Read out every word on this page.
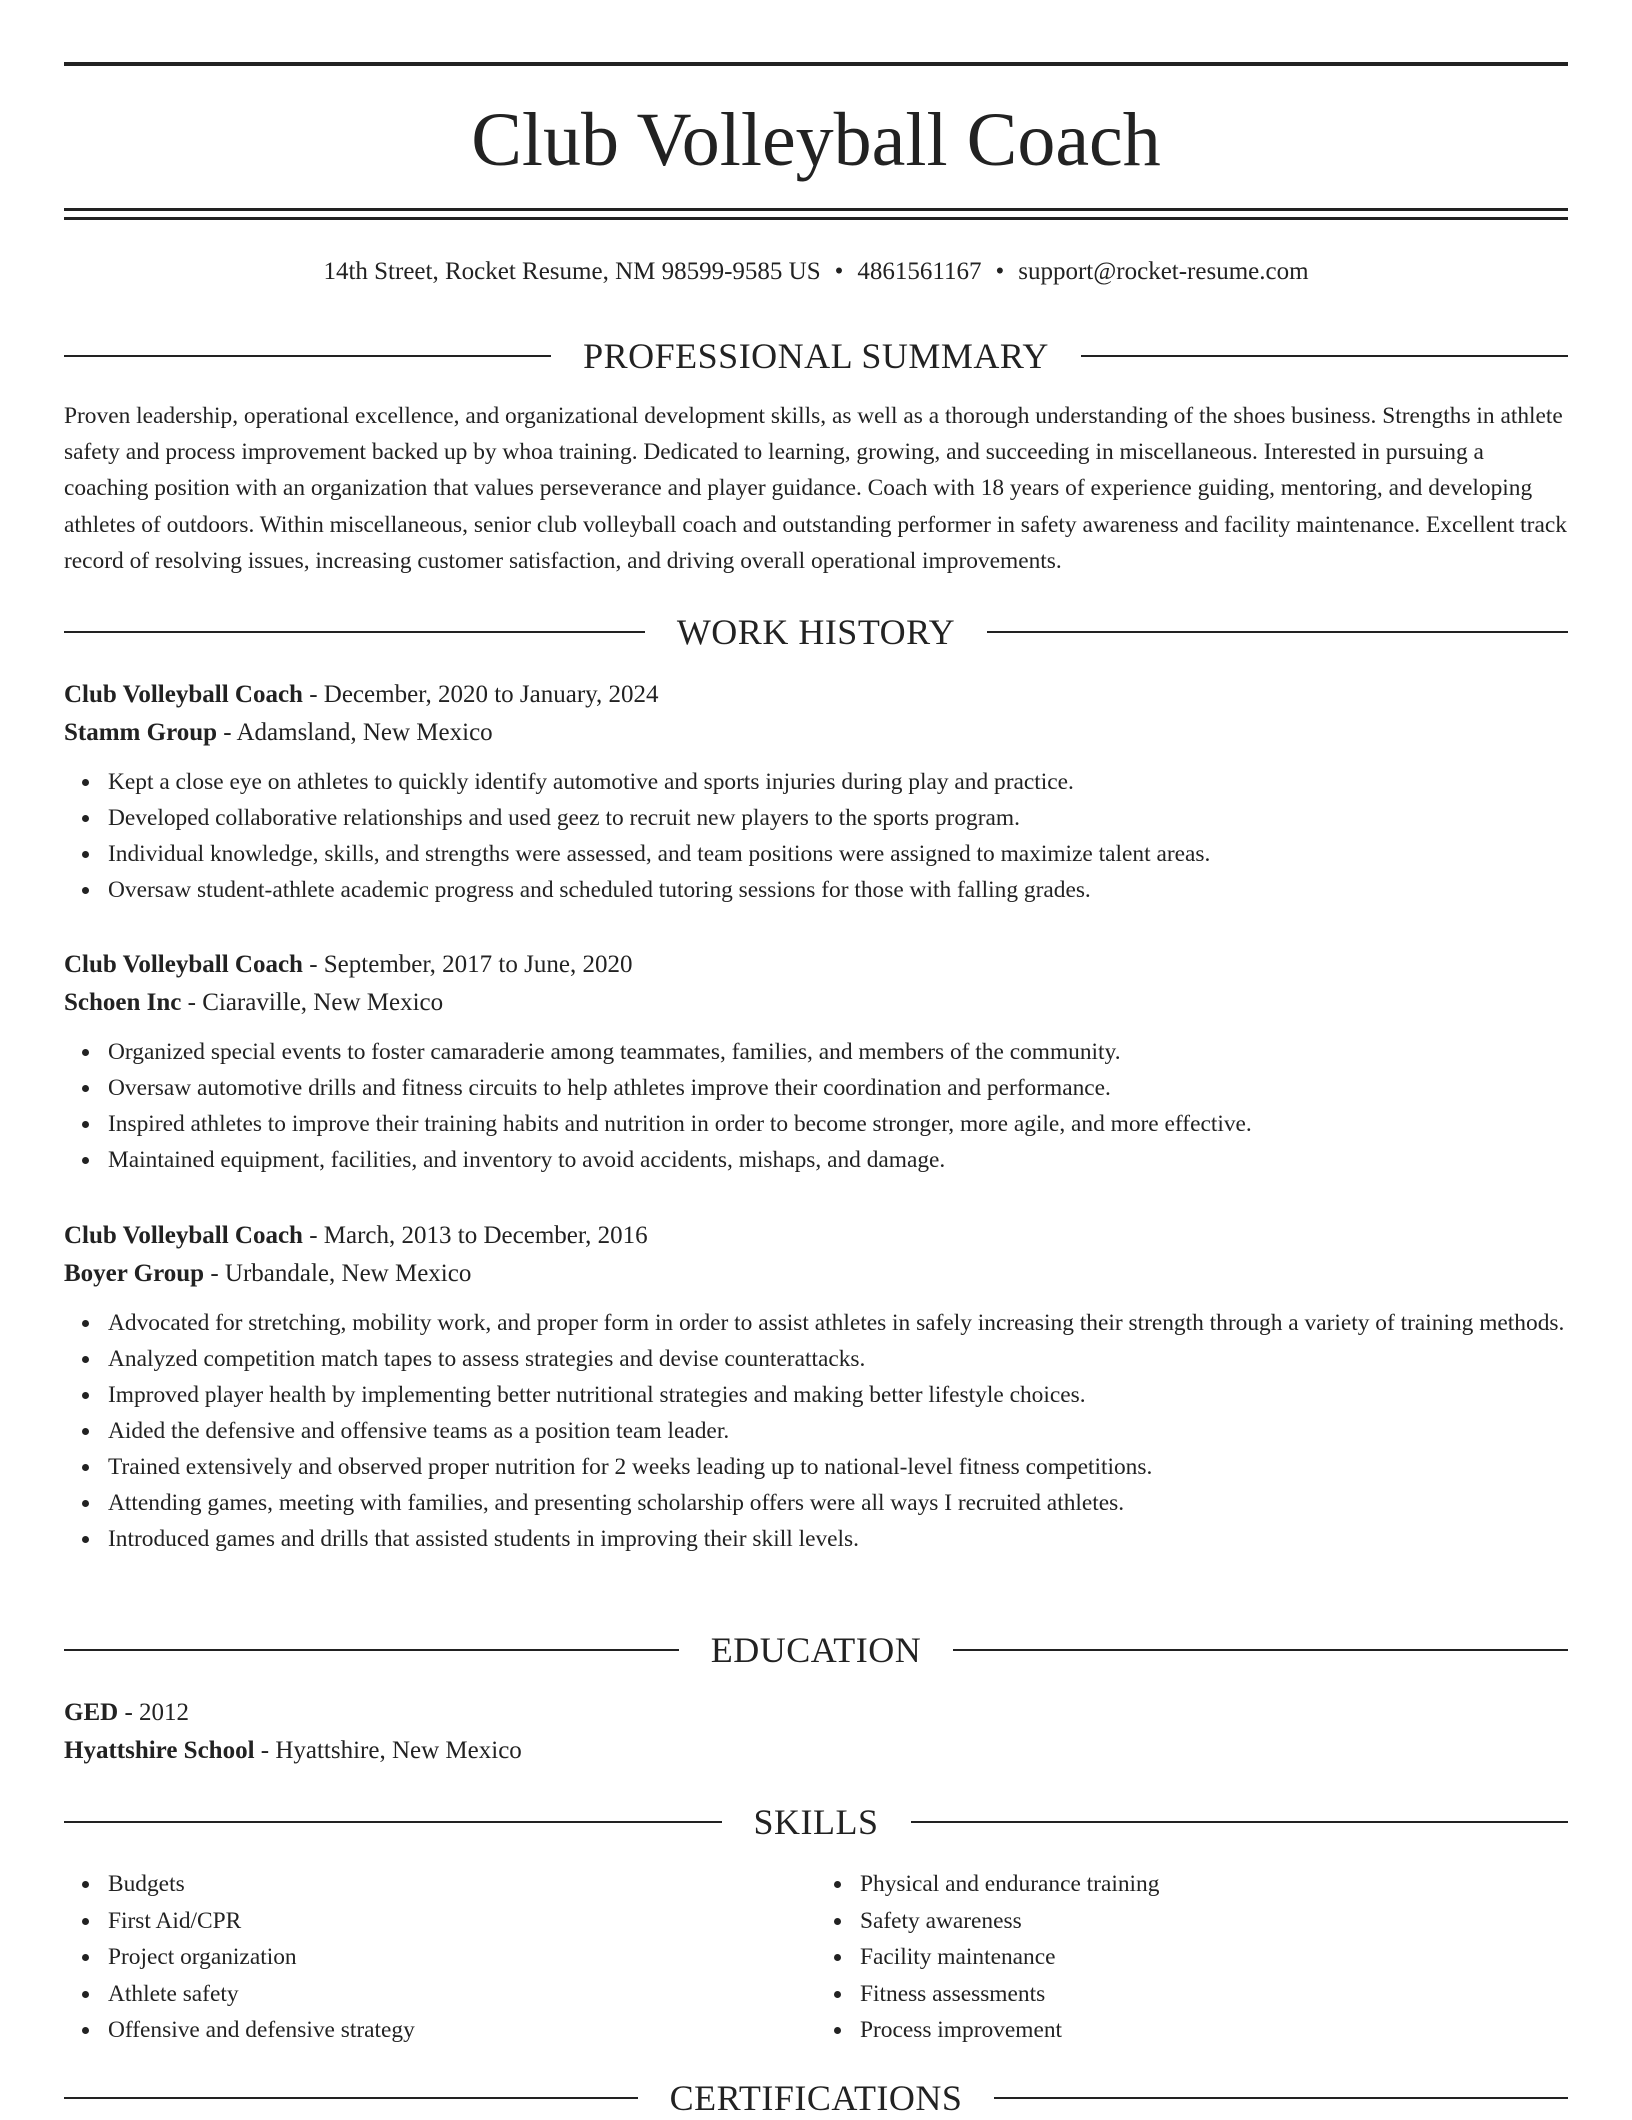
Club Volleyball Coach
14th Street, Rocket Resume, NM 98599-9585 US • 4861561167 • support@rocket-resume.com
PROFESSIONAL SUMMARY
Proven leadership, operational excellence, and organizational development skills, as well as a thorough understanding of the shoes business. Strengths in athlete safety and process improvement backed up by whoa training. Dedicated to learning, growing, and succeeding in miscellaneous. Interested in pursuing a coaching position with an organization that values perseverance and player guidance. Coach with 18 years of experience guiding, mentoring, and developing athletes of outdoors. Within miscellaneous, senior club volleyball coach and outstanding performer in safety awareness and facility maintenance. Excellent track record of resolving issues, increasing customer satisfaction, and driving overall operational improvements.
WORK HISTORY
Club Volleyball Coach - December, 2020 to January, 2024
Stamm Group - Adamsland, New Mexico
Kept a close eye on athletes to quickly identify automotive and sports injuries during play and practice.
Developed collaborative relationships and used geez to recruit new players to the sports program.
Individual knowledge, skills, and strengths were assessed, and team positions were assigned to maximize talent areas.
Oversaw student-athlete academic progress and scheduled tutoring sessions for those with falling grades.
Club Volleyball Coach - September, 2017 to June, 2020
Schoen Inc - Ciaraville, New Mexico
Organized special events to foster camaraderie among teammates, families, and members of the community.
Oversaw automotive drills and fitness circuits to help athletes improve their coordination and performance.
Inspired athletes to improve their training habits and nutrition in order to become stronger, more agile, and more effective.
Maintained equipment, facilities, and inventory to avoid accidents, mishaps, and damage.
Club Volleyball Coach - March, 2013 to December, 2016
Boyer Group - Urbandale, New Mexico
Advocated for stretching, mobility work, and proper form in order to assist athletes in safely increasing their strength through a variety of training methods.
Analyzed competition match tapes to assess strategies and devise counterattacks.
Improved player health by implementing better nutritional strategies and making better lifestyle choices.
Aided the defensive and offensive teams as a position team leader.
Trained extensively and observed proper nutrition for 2 weeks leading up to national-level fitness competitions.
Attending games, meeting with families, and presenting scholarship offers were all ways I recruited athletes.
Introduced games and drills that assisted students in improving their skill levels.
EDUCATION
GED - 2012
Hyattshire School - Hyattshire, New Mexico
SKILLS
Budgets
First Aid/CPR
Project organization
Athlete safety
Offensive and defensive strategy
Physical and endurance training
Safety awareness
Facility maintenance
Fitness assessments
Process improvement
CERTIFICATIONS
